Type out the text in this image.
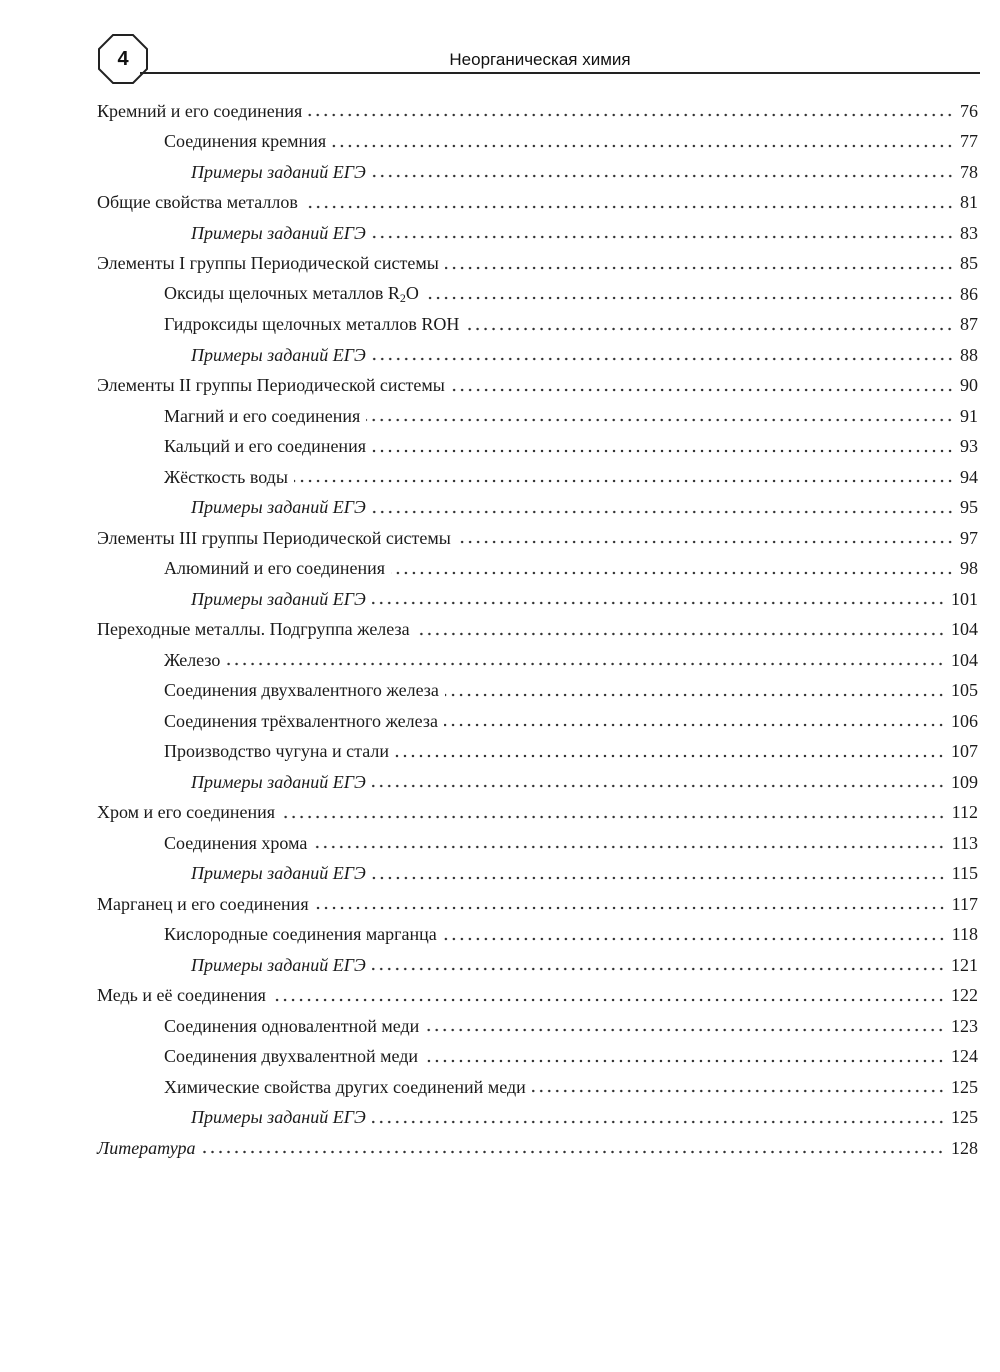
4	Неорганическая химия
Кремний и его соединения	76
Соединения кремния	77
Примеры заданий ЕГЭ	78
Общие свойства металлов	81
Примеры заданий ЕГЭ	83
Элементы I группы Периодической системы	85
Оксиды щелочных металлов $R_2O$	86
Гидроксиды щелочных металлов ROH	87
Примеры заданий ЕГЭ	88
Элементы II группы Периодической системы	90
Магний и его соединения	91
Кальций и его соединения	93
Жёсткость воды	94
Примеры заданий ЕГЭ	95
Элементы III группы Периодической системы	97
Алюминий и его соединения	98
Примеры заданий ЕГЭ	101
Переходные металлы. Подгруппа железа	104
Железо	104
Соединения двухвалентного железа	105
Соединения трёхвалентного железа	106
Производство чугуна и стали	107
Примеры заданий ЕГЭ	109
Хром и его соединения	112
Соединения хрома	113
Примеры заданий ЕГЭ	115
Марганец и его соединения	117
Кислородные соединения марганца	118
Примеры заданий ЕГЭ	121
Медь и её соединения	122
Соединения одновалентной меди	123
Соединения двухвалентной меди	124
Химические свойства других соединений меди	125
Примеры заданий ЕГЭ	125
Литература	128
